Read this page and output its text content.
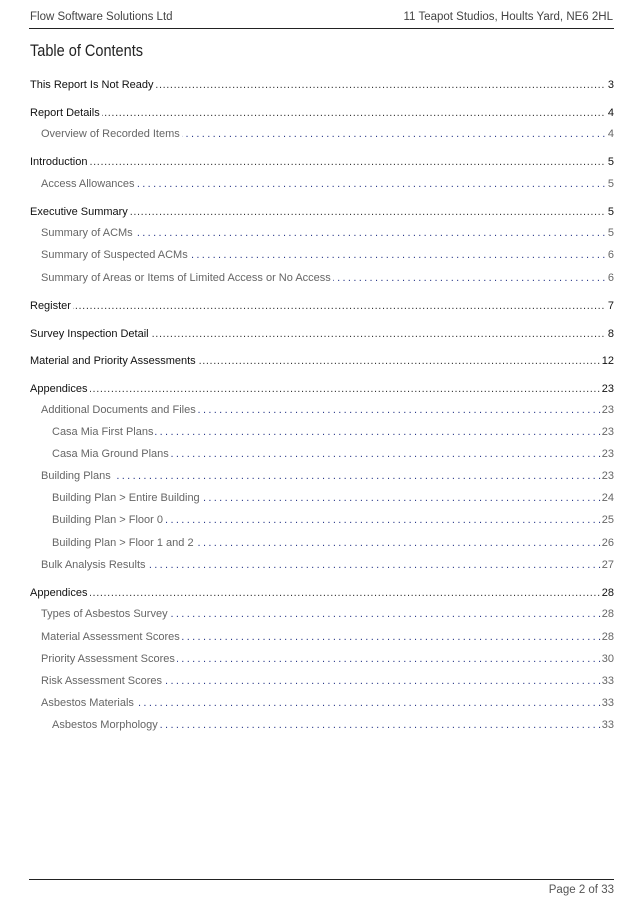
Flow Software Solutions Ltd	11 Teapot Studios, Hoults Yard, NE6 2HL
Table of Contents
This Report Is Not Ready .....	3
Report Details .....	4
Overview of Recorded Items . . .	4
Introduction .....	5
Access Allowances . . .	5
Executive Summary .....	5
Summary of ACMs . . .	5
Summary of Suspected ACMs . . .	6
Summary of Areas or Items of Limited Access or No Access . . .	6
Register .....	7
Survey Inspection Detail .....	8
Material and Priority Assessments .....	12
Appendices .....	23
Additional Documents and Files . . .	23
Casa Mia First Plans . . .	23
Casa Mia Ground Plans . . .	23
Building Plans . . .	23
Building Plan > Entire Building . . .	24
Building Plan > Floor 0 . . .	25
Building Plan > Floor 1 and 2 . . .	26
Bulk Analysis Results . . .	27
Appendices .....	28
Types of Asbestos Survey . . .	28
Material Assessment Scores . . .	28
Priority Assessment Scores . . .	30
Risk Assessment Scores . . .	33
Asbestos Materials . . .	33
Asbestos Morphology . . .	33
Page 2 of 33
